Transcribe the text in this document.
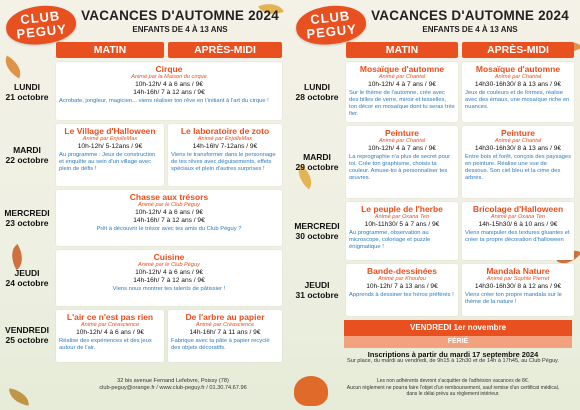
CLUB
PEGUY
VACANCES D'AUTOMNE 2024
ENFANTS DE 4 À 13 ANS
MATIN	APRÈS-MIDI
LUNDI
21 octobre
Cirque
Animé par la Maison du cirque
10h-12h/ 4 à 6 ans / 9€
14h-16h/ 7 à 12 ans / 9€
Acrobate, jongleur, magicien... viens réaliser ton rêve en t'initiant à l'art du cirque !
MARDI
22 octobre
Le Village d'Halloween
Animé par EnjolleMax
10h-12h/ 5-12ans / 9€
Au programme : Jeux de construction et enquête au sein d'un village avec plein de défis !
Le laboratoire de zoto
Animé par EnjolleMax
14h-16h/ 7-12ans / 9€
Viens te transformer dans le personnage de tes rêves avec déguisements, effets spéciaux et plein d'autres surprises !
MERCREDI
23 octobre
Chasse aux trésors
Animé par le Club Péguy
10h-12h/ 4 à 6 ans / 9€
14h-16h/ 7 à 12 ans / 9€
Prêt à découvrir le trésor avec tes amis du Club Péguy ?
JEUDI
24 octobre
Cuisine
Animé par le Club Péguy
10h-12h/ 4 à 6 ans / 9€
14h-16h/ 7 à 12 ans / 9€
Viens nous montrer tes talents de pâtissier !
VENDREDI
25 octobre
L'air ce n'est pas rien
Animé par Créascience
10h-12h/ 4 à 6 ans / 9€
Réalise des expériences et des jeux autour de l'air.
De l'arbre au papier
Animé par Créascience
14h-16h/ 7 à 11 ans / 9€
Fabrique avec ta pâte à papier recyclé des objets décoratifs.
32 bis avenue Fernand Lefebvre, Poissy (78)
club-peguy@orange.fr / www.club-peguy.fr / 01.30.74.67.96
CLUB
PEGUY
VACANCES D'AUTOMNE 2024
ENFANTS DE 4 À 13 ANS
MATIN	APRÈS-MIDI
LUNDI
28 octobre
Mosaïque d'automne
Animé par Chantal
10h-12h/ 4 à 7 ans / 9€
Sur le thème de l'automne, crée avec des billes de verre, miroir et tesselles, ton décor en mosaïque dont tu seras très fier.
Mosaïque d'automne
Animé par Chantal
14h30-16h30/ 8 à 13 ans / 9€
Jeux de couleurs et de formes, réalise avec des émaux, une mosaïque riche en nuances.
MARDI
29 octobre
Peinture
Animé par Chantal
10h-12h/ 4 à 7 ans / 9€
La reprographie n'a plus de secret pour toi. Crée ton graphisme, choisis ta couleur. Amuse-toi à personnaliser tes œuvres.
Peinture
Animé par Chantal
14h30-16h30/ 8 à 13 ans / 9€
Entre bois et forêt, conçois des paysages en peinture. Réalise une vue de dessous. Son ciel bleu et la cime des arbres.
MERCREDI
30 octobre
Le peuple de l'herbe
Animé par Oxana Ten
10h-11h30/ 5 à 7 ans / 9€
Au programme, observation au microscope, coloriage et puzzle énigmatique !
Bricolage d'Halloween
Animé par Oxana Ten
14h-15h30/ 6 à 10 ans / 9€
Viens manipuler des textures gluantes et créer ta propre décoration d'halloween
JEUDI
31 octobre
Bande-dessinées
Animé par Khoufou
10h-12h/ 7 à 13 ans / 9€
Apprends à dessiner tes héros préférés !
Mandala Nature
Animé par Sophie Pierret
14h30-16h30/ 8 à 12 ans / 9€
Viens créer ton propre mandala sur le thème de la nature !
VENDREDI 1er novembre
FÉRIÉ
Inscriptions à partir du mardi 17 septembre 2024
Sur place, du mardi au vendredi, de 9h15 à 12h30 et de 14h à 17h45, au Club Péguy.
Les non adhérents devront s'acquitter de l'adhésion vacances de 8€.
Aucun règlement ne pourra faire l'objet d'un remboursement, sauf remise d'un certificat médical,
dans le délai prévu au règlement intérieur.
